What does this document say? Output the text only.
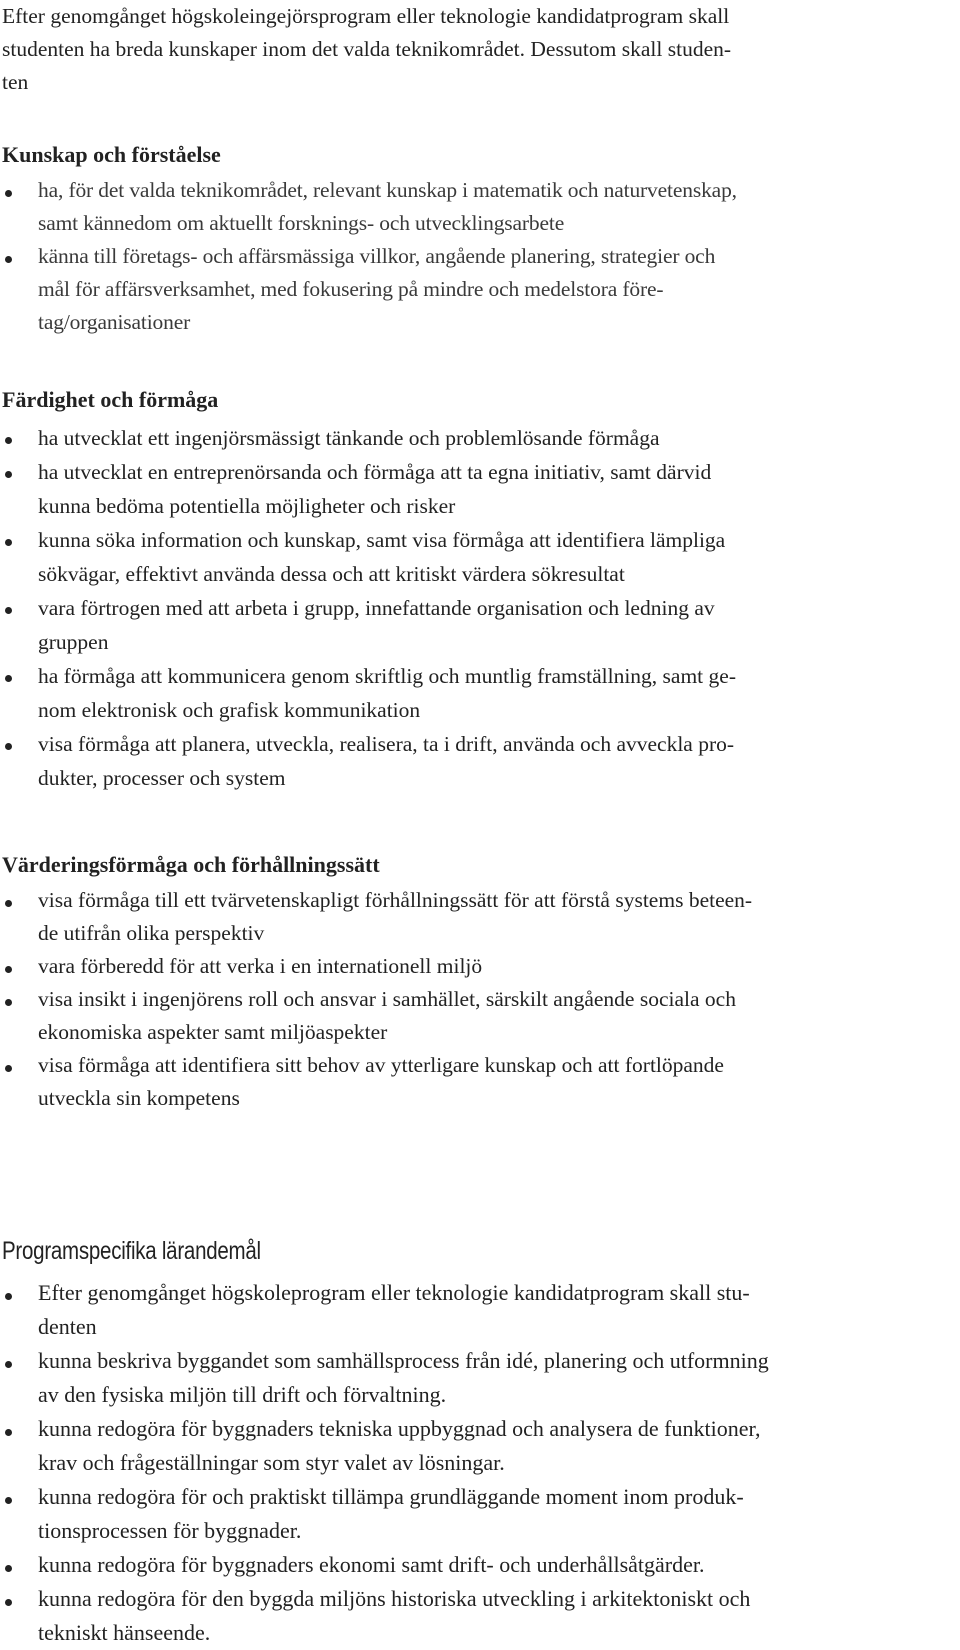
Efter genomgånget högskoleingejörsprogram eller teknologie kandidatprogram skall
studenten ha breda kunskaper inom det valda teknikområdet. Dessutom skall studen-
ten

Kunskap och förståelse
ha, för det valda teknikområdet, relevant kunskap i matematik och naturvetenskap,
samt kännedom om aktuellt forsknings- och utvecklingsarbete
känna till företags- och affärsmässiga villkor, angående planering, strategier och
mål för affärsverksamhet, med fokusering på mindre och medelstora före-
tag/organisationer
Färdighet och förmåga
ha utvecklat ett ingenjörsmässigt tänkande och problemlösande förmåga
ha utvecklat en entreprenörsanda och förmåga att ta egna initiativ, samt därvid
kunna bedöma potentiella möjligheter och risker
kunna söka information och kunskap, samt visa förmåga att identifiera lämpliga
sökvägar, effektivt använda dessa och att kritiskt värdera sökresultat
vara förtrogen med att arbeta i grupp, innefattande organisation och ledning av
gruppen
ha förmåga att kommunicera genom skriftlig och muntlig framställning, samt ge-
nom elektronisk och grafisk kommunikation
visa förmåga att planera, utveckla, realisera, ta i drift, använda och avveckla pro-
dukter, processer och system
Värderingsförmåga och förhållningssätt
visa förmåga till ett tvärvetenskapligt förhållningssätt för att förstå systems beteen-
de utifrån olika perspektiv
vara förberedd för att verka i en internationell miljö
visa insikt i ingenjörens roll och ansvar i samhället, särskilt angående sociala och
ekonomiska aspekter samt miljöaspekter
visa förmåga att identifiera sitt behov av ytterligare kunskap och att fortlöpande
utveckla sin kompetens
Programspecifika lärandemål
Efter genomgånget högskoleprogram eller teknologie kandidatprogram skall stu-
denten
kunna beskriva byggandet som samhällsprocess från idé, planering och utformning
av den fysiska miljön till drift och förvaltning.
kunna redogöra för byggnaders tekniska uppbyggnad och analysera de funktioner,
krav och frågeställningar som styr valet av lösningar.
kunna redogöra för och praktiskt tillämpa grundläggande moment inom produk-
tionsprocessen för byggnader.
kunna redogöra för byggnaders ekonomi samt drift- och underhållsåtgärder.
kunna redogöra för den byggda miljöns historiska utveckling i arkitektoniskt och
tekniskt hänseende.
